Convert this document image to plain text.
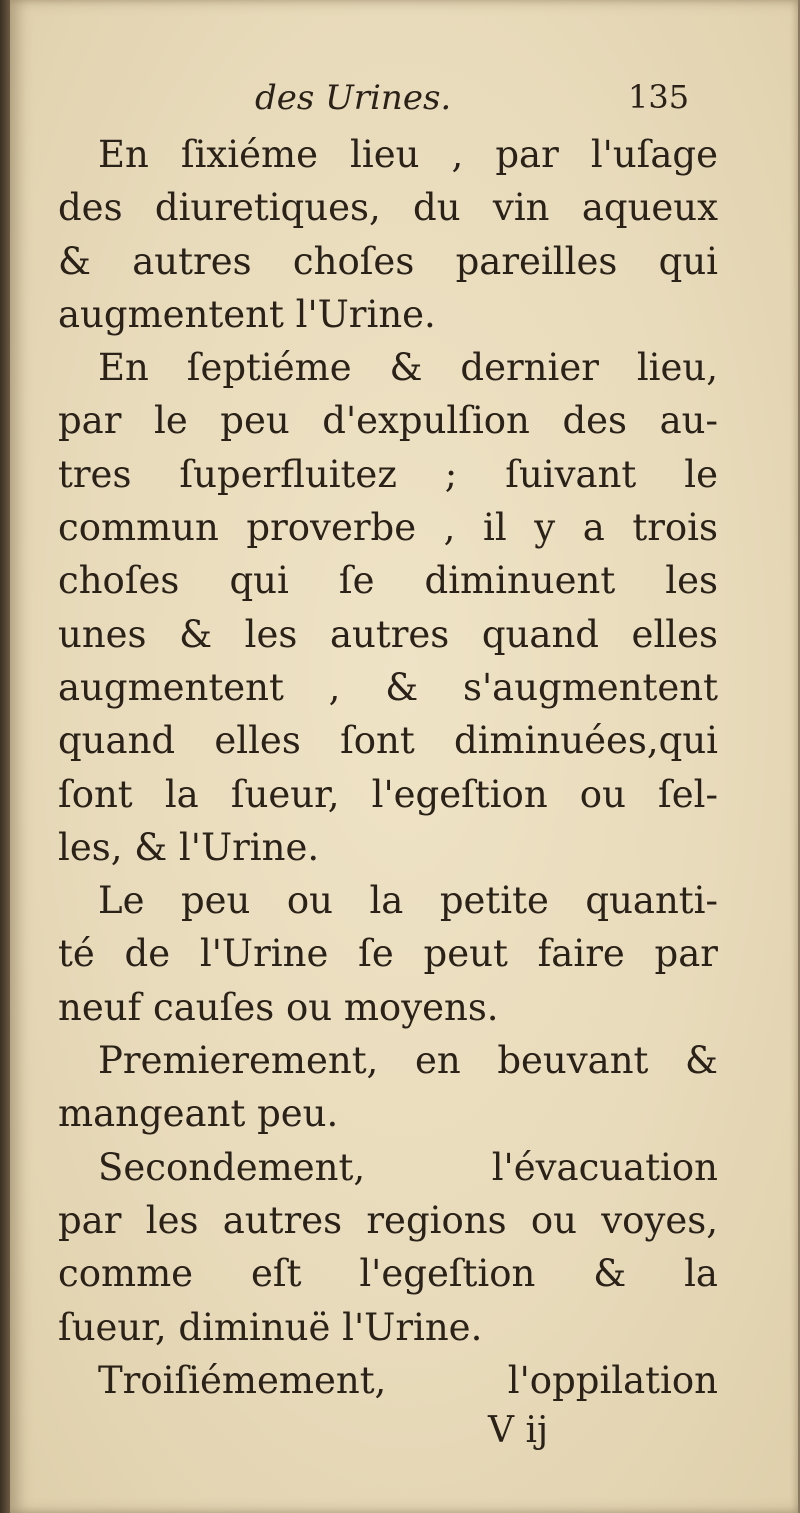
des Urines.	135
En ſixiéme lieu , par l'uſage
des diuretiques, du vin aqueux
& autres choſes pareilles qui
augmentent l'Urine.
En ſeptiéme & dernier lieu,
par le peu d'expulſion des au-
tres ſuperfluitez ; ſuivant le
commun proverbe , il y a trois
choſes qui ſe diminuent les
unes & les autres quand elles
augmentent , & s'augmentent
quand elles ſont diminuées,qui
ſont la ſueur, l'egeſtion ou ſel-
les, & l'Urine.
Le peu ou la petite quanti-
té de l'Urine ſe peut faire par
neuf cauſes ou moyens.
Premierement, en beuvant &
mangeant peu.
Secondement, l'évacuation
par les autres regions ou voyes,
comme eſt l'egeſtion & la
ſueur, diminuë l'Urine.
Troiſiémement, l'oppilation
V ij
